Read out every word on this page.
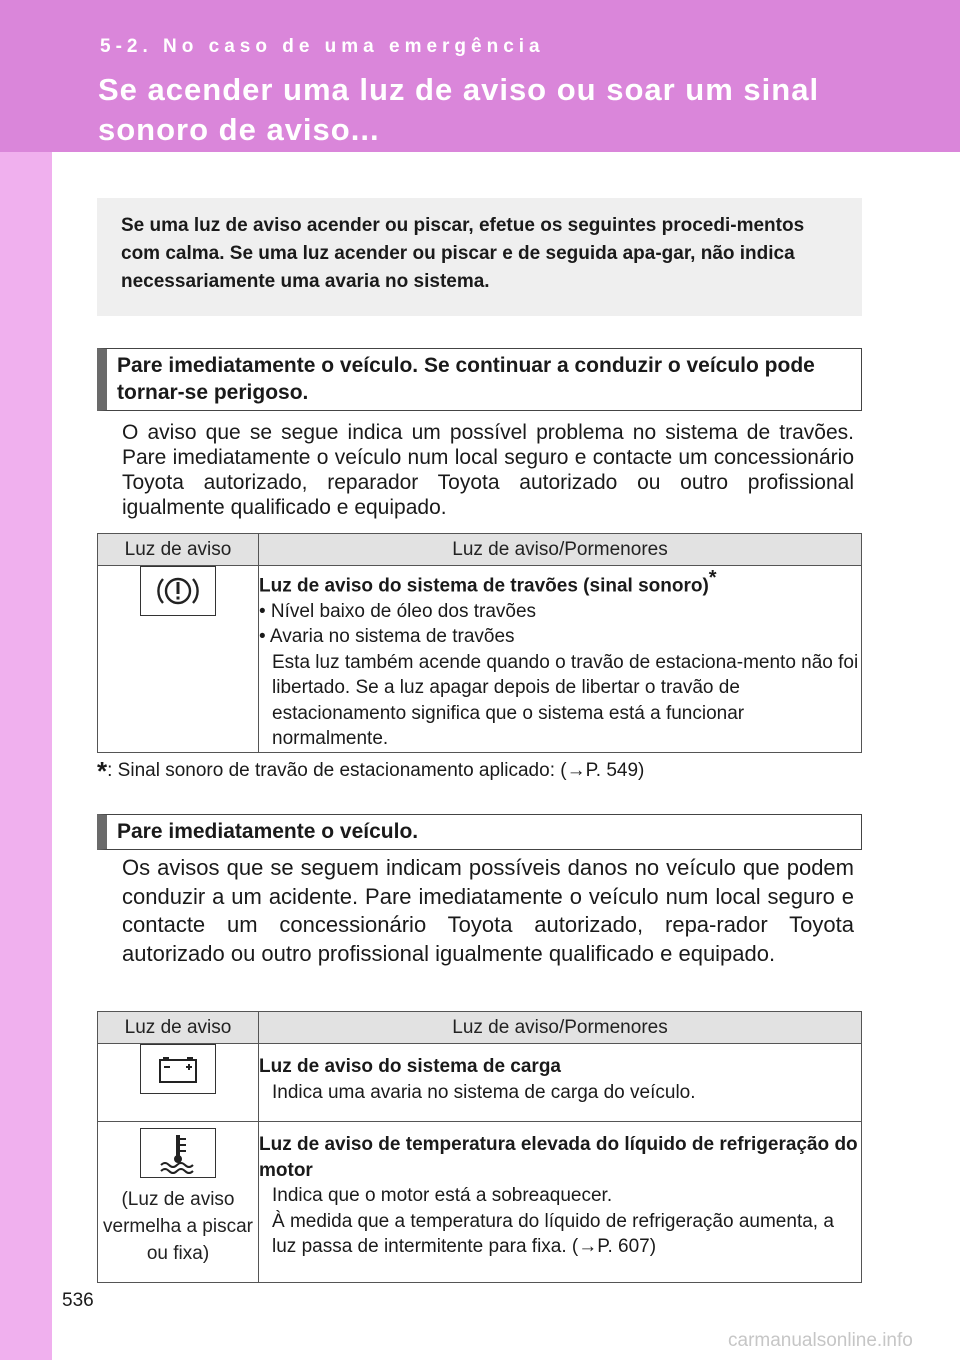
5-2. No caso de uma emergência
Se acender uma luz de aviso ou soar um sinal sonoro de aviso...
Se uma luz de aviso acender ou piscar, efetue os seguintes procedi-mentos com calma. Se uma luz acender ou piscar e de seguida apa-gar, não indica necessariamente uma avaria no sistema.
Pare imediatamente o veículo. Se continuar a conduzir o veículo pode tornar-se perigoso.
O aviso que se segue indica um possível problema no sistema de travões. Pare imediatamente o veículo num local seguro e contacte um concessionário Toyota autorizado, reparador Toyota autorizado ou outro profissional igualmente qualificado e equipado.
Luz de aviso	Luz de aviso/Pormenores

Luz de aviso do sistema de travões (sinal sonoro)*
• Nível baixo de óleo dos travões
• Avaria no sistema de travões
Esta luz também acende quando o travão de estaciona-mento não foi libertado. Se a luz apagar depois de libertar o travão de estacionamento significa que o sistema está a funcionar normalmente.
*: Sinal sonoro de travão de estacionamento aplicado: (→P. 549)
Pare imediatamente o veículo.
Os avisos que se seguem indicam possíveis danos no veículo que podem conduzir a um acidente. Pare imediatamente o veículo num local seguro e contacte um concessionário Toyota autorizado, repa-rador Toyota autorizado ou outro profissional igualmente qualificado e equipado.
Luz de aviso	Luz de aviso/Pormenores

Luz de aviso do sistema de carga
Indica uma avaria no sistema de carga do veículo.

(Luz de aviso vermelha a piscar ou fixa)	Luz de aviso de temperatura elevada do líquido de refrigeração do motor
Indica que o motor está a sobreaquecer.
À medida que a temperatura do líquido de refrigeração aumenta, a luz passa de intermitente para fixa. (→P. 607)
536
carmanualsonline.info
